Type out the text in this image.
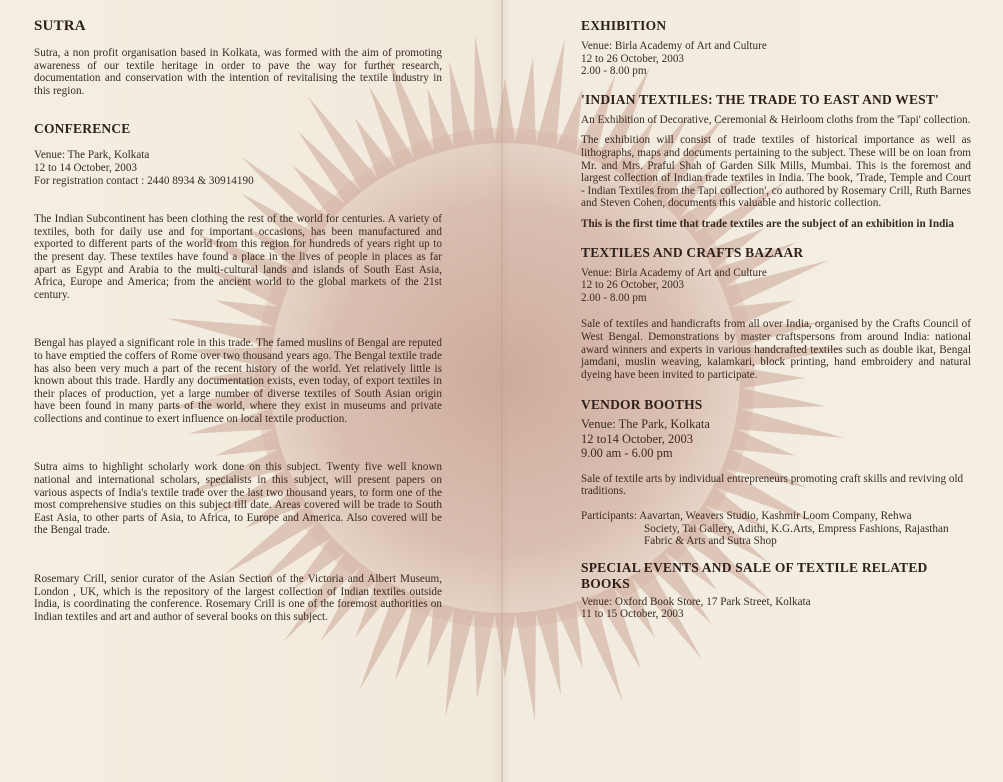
SUTRA

Sutra, a non profit organisation based in Kolkata, was formed with the aim of promoting awareness of our textile heritage in order to pave the way for further research, documentation and conservation with the intention of revitalising the textile industry in this region.

CONFERENCE

Venue: The Park, Kolkata

12 to 14 October, 2003

For registration contact : 2440 8934 & 30914190

The Indian Subcontinent has been clothing the rest of the world for centuries. A variety of textiles, both for daily use and for important occasions, has been manufactured and exported to different parts of the world from this region for hundreds of years right up to the present day. These textiles have found a place in the lives of people in places as far apart as Egypt and Arabia to the multi-cultural lands and islands of South East Asia, Africa, Europe and America; from the ancient world to the global markets of the 21st century.

Bengal has played a significant role in this trade. The famed muslins of Bengal are reputed to have emptied the coffers of Rome over two thousand years ago. The Bengal textile trade has also been very much a part of the recent history of the world. Yet relatively little is known about this trade. Hardly any documentation exists, even today, of export textiles in their places of production, yet a large number of diverse textiles of South Asian origin have been found in many parts of the world, where they exist in museums and private collections and continue to exert influence on local textile production.

Sutra aims to highlight scholarly work done on this subject. Twenty five well known national and international scholars, specialists in this subject, will present papers on various aspects of India's textile trade over the last two thousand years, to form one of the most comprehensive studies on this subject till date. Areas covered will be trade to South East Asia, to other parts of Asia, to Africa, to Europe and America. Also covered will be the Bengal trade.

Rosemary Crill, senior curator of the Asian Section of the Victoria and Albert Museum, London , UK, which is the repository of the largest collection of Indian textiles outside India, is coordinating the conference. Rosemary Crill is one of the foremost authorities on Indian textiles and art and author of several books on this subject.

EXHIBITION

Venue: Birla Academy of Art and Culture

12 to 26 October, 2003

2.00 - 8.00 pm

'INDIAN TEXTILES: THE TRADE TO EAST AND WEST'

An Exhibition of Decorative, Ceremonial & Heirloom cloths from the 'Tapi' collection.

The exhibition will consist of trade textiles of historical importance as well as lithographs, maps and documents pertaining to the subject. These will be on loan from Mr. and Mrs. Praful Shah of Garden Silk Mills, Mumbai. This is the foremost and largest collection of Indian trade textiles in India. The book, 'Trade, Temple and Court - Indian Textiles from the Tapi collection', co authored by Rosemary Crill, Ruth Barnes and Steven Cohen, documents this valuable and historic collection.

This is the first time that trade textiles are the subject of an exhibition in India

TEXTILES AND CRAFTS BAZAAR

Venue: Birla Academy of Art and Culture

12 to 26 October, 2003

2.00 - 8.00 pm

Sale of textiles and handicrafts from all over India, organised by the Crafts Council of West Bengal. Demonstrations by master craftspersons from around India: national award winners and experts in various handcrafted textiles such as double ikat, Bengal jamdani, muslin weaving, kalamkari, block printing, hand embroidery and natural dyeing have been invited to participate.

VENDOR BOOTHS

Venue: The Park, Kolkata

12 to14 October, 2003

9.00 am - 6.00 pm

Sale of textile arts by individual entrepreneurs promoting craft skills and reviving old traditions.

Participants: Aavartan, Weavers Studio, Kashmir Loom Company, Rehwa

Society, Tai Gallery, Adithi, K.G.Arts, Empress Fashions, Rajasthan Fabric & Arts and Sutra Shop

SPECIAL EVENTS AND SALE OF TEXTILE RELATED BOOKS

Venue: Oxford Book Store, 17 Park Street, Kolkata

11 to 15 October, 2003
